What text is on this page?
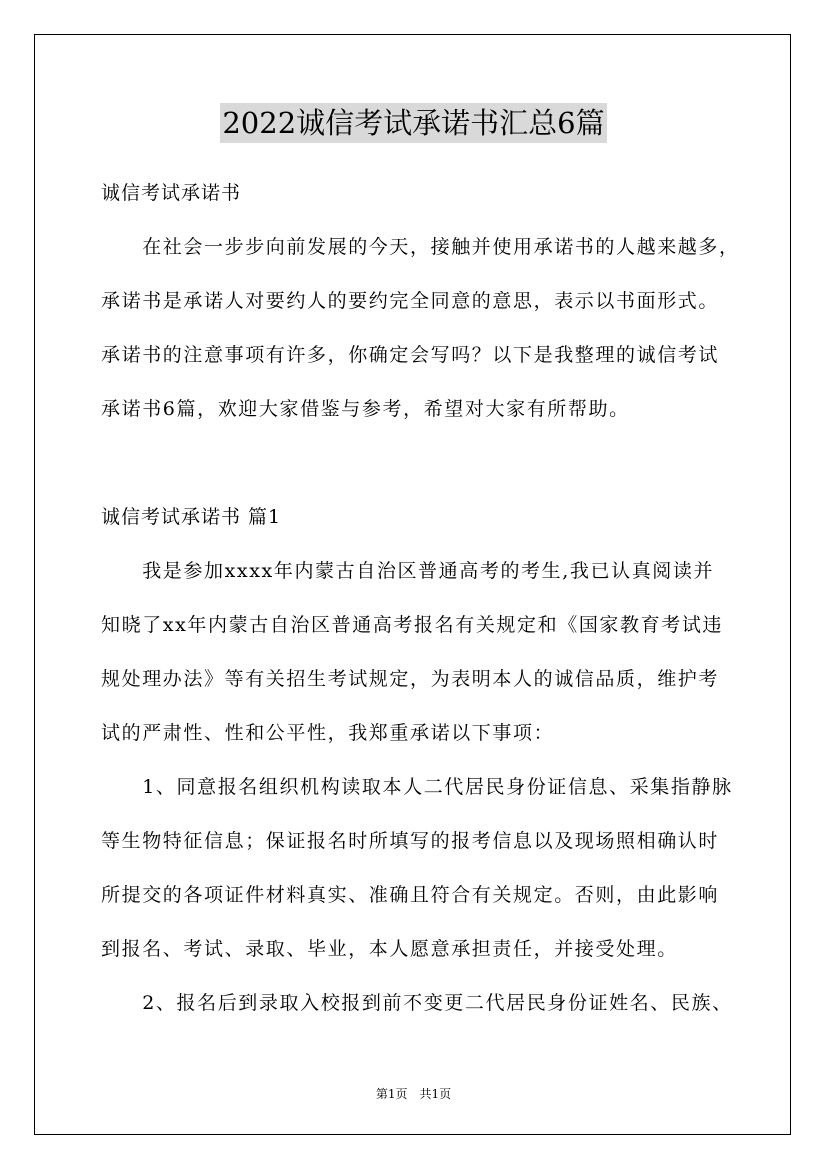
2022诚信考试承诺书汇总6篇
诚信考试承诺书
　　在社会一步步向前发展的今天，接触并使用承诺书的人越来越多，
承诺书是承诺人对要约人的要约完全同意的意思，表示以书面形式。
承诺书的注意事项有许多，你确定会写吗？以下是我整理的诚信考试
承诺书6篇，欢迎大家借鉴与参考，希望对大家有所帮助。
诚信考试承诺书 篇1
　　我是参加xxxx年内蒙古自治区普通高考的考生,我已认真阅读并
知晓了xx年内蒙古自治区普通高考报名有关规定和《国家教育考试违
规处理办法》等有关招生考试规定，为表明本人的诚信品质，维护考
试的严肃性、性和公平性，我郑重承诺以下事项：
　　1、同意报名组织机构读取本人二代居民身份证信息、采集指静脉
等生物特征信息；保证报名时所填写的报考信息以及现场照相确认时
所提交的各项证件材料真实、准确且符合有关规定。否则，由此影响
到报名、考试、录取、毕业，本人愿意承担责任，并接受处理。
　　2、报名后到录取入校报到前不变更二代居民身份证姓名、民族、
第1页　共1页
